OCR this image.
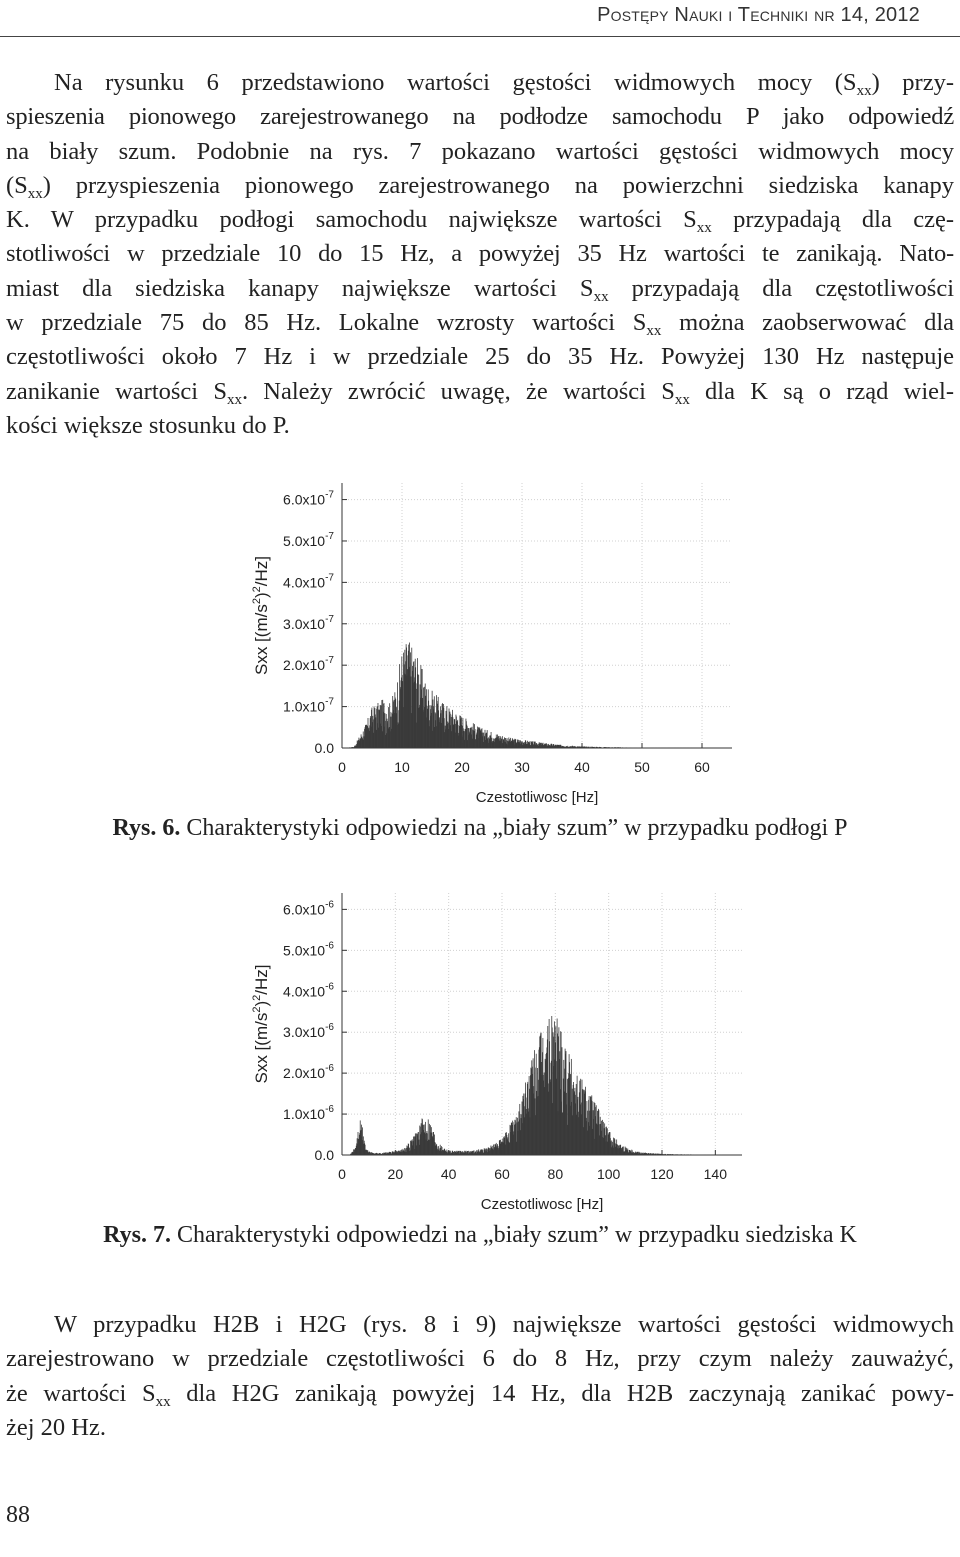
Postępy Nauki i Techniki nr 14, 2012
Na rysunku 6 przedstawiono wartości gęstości widmowych mocy $(S_{xx})$ przy-
spieszenia pionowego zarejestrowanego na podłodze samochodu P jako odpowiedź
na biały szum. Podobnie na rys. 7 pokazano wartości gęstości widmowych mocy
$(S_{xx})$ przyspieszenia pionowego zarejestrowanego na powierzchni siedziska kanapy
K. W przypadku podłogi samochodu największe wartości $S_{xx}$ przypadają dla czę-
stotliwości w przedziale 10 do 15 Hz, a powyżej 35 Hz wartości te zanikają. Nato-
miast dla siedziska kanapy największe wartości $S_{xx}$ przypadają dla częstotliwości
w przedziale 75 do 85 Hz. Lokalne wzrosty wartości $S_{xx}$ można zaobserwować dla
częstotliwości około 7 Hz i w przedziale 25 do 35 Hz. Powyżej 130 Hz następuje
zanikanie wartości $S_{xx}$. Należy zwrócić uwagę, że wartości $S_{xx}$ dla K są o rząd wiel-
kości większe stosunku do P.
0.0
$1.0x10^{-7}$
$2.0x10^{-7}$
$3.0x10^{-7}$
$4.0x10^{-7}$
$5.0x10^{-7}$
$6.0x10^{-7}$
0	10	20	30	40	50	60
Czestotliwosc [Hz]
Sxx $[(m/s^2)^2/Hz]$
Rys. 6. Charakterystyki odpowiedzi na „biały szum” w przypadku podłogi P
0.0
$1.0x10^{-6}$
$2.0x10^{-6}$
$3.0x10^{-6}$
$4.0x10^{-6}$
$5.0x10^{-6}$
$6.0x10^{-6}$
0	20	40	60	80 100 120 140
Czestotliwosc [Hz]
Sxx $[(m/s^2)^2/Hz]$
Rys. 7. Charakterystyki odpowiedzi na „biały szum” w przypadku siedziska K
W przypadku H2B i H2G (rys. 8 i 9) największe wartości gęstości widmowych
zarejestrowano w przedziale częstotliwości 6 do 8 Hz, przy czym należy zauważyć,
że wartości $S_{xx}$ dla H2G zanikają powyżej 14 Hz, dla H2B zaczynają zanikać powy-
żej 20 Hz.
88
